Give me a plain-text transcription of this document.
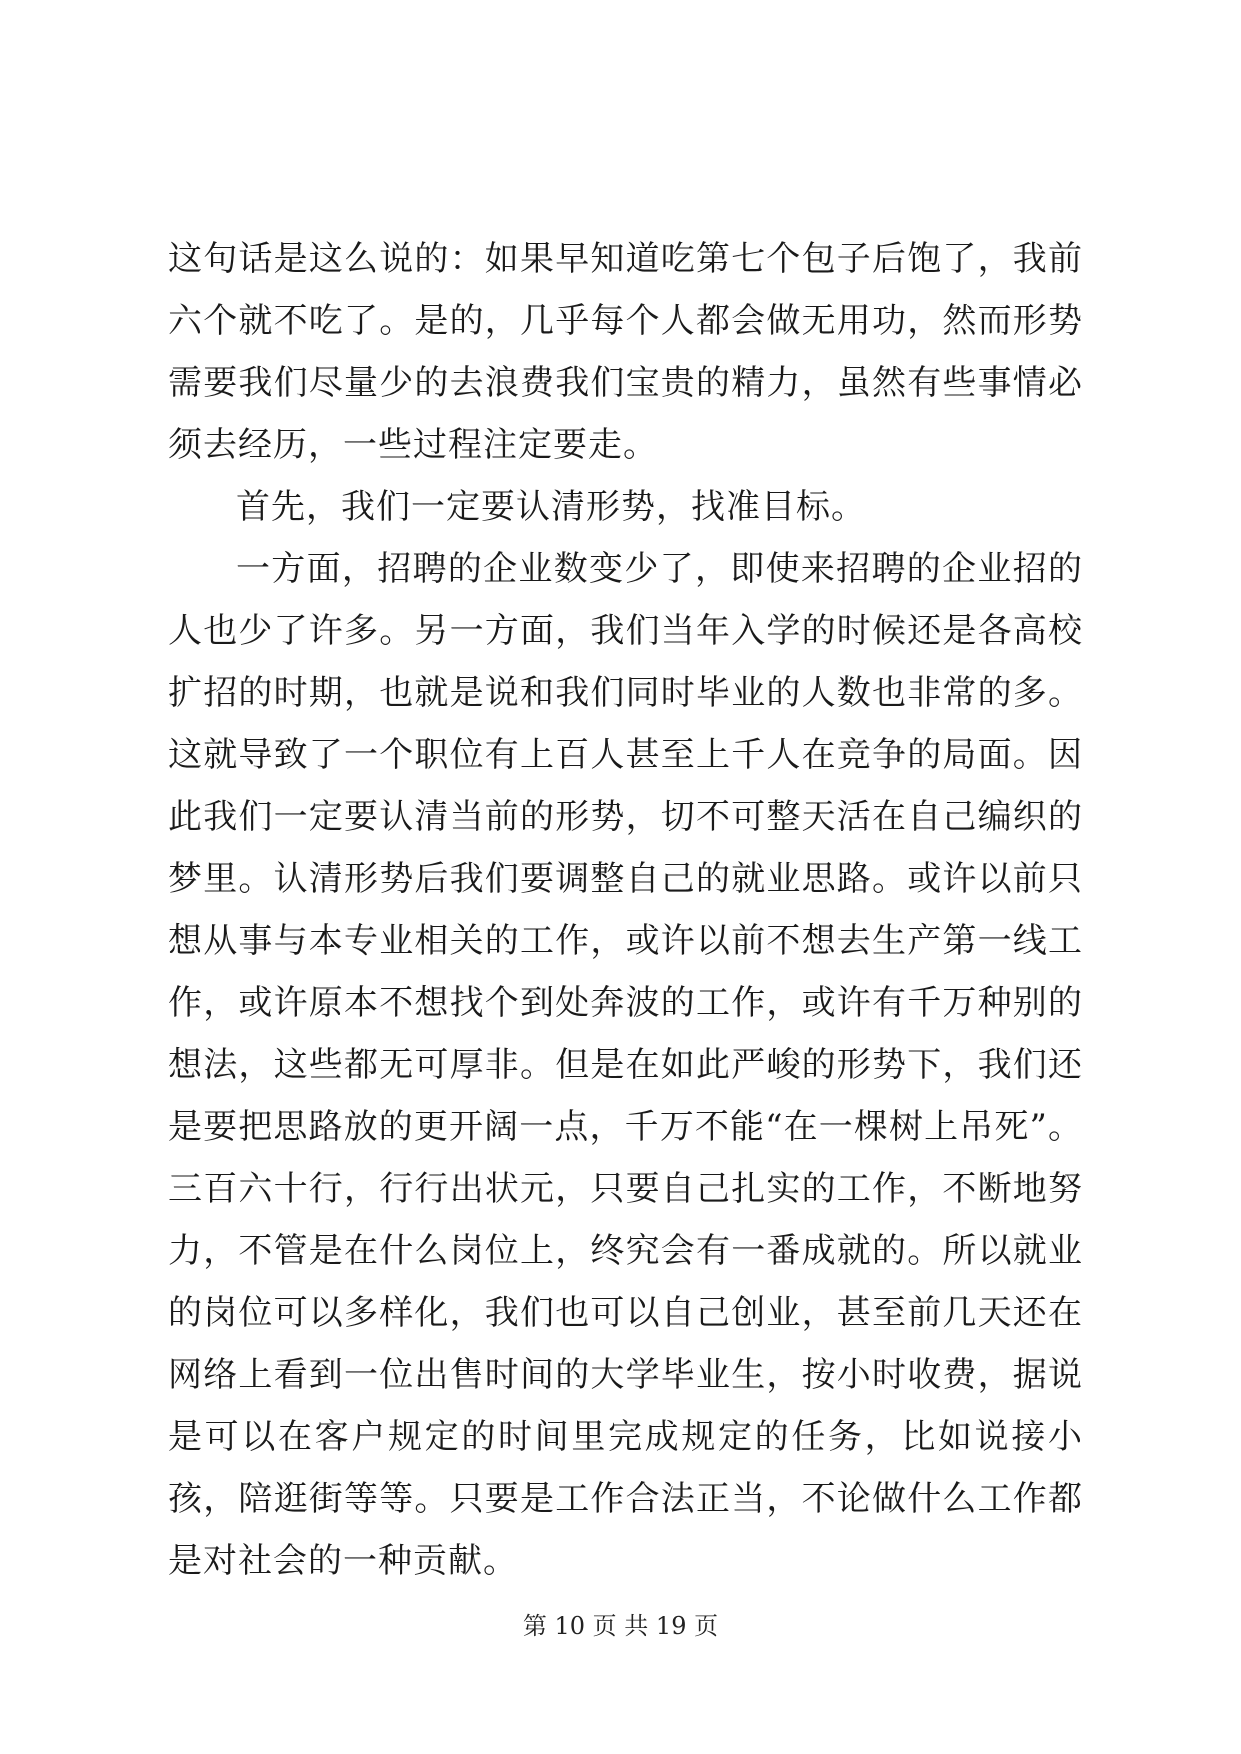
这句话是这么说的：如果早知道吃第七个包子后饱了，我前六个就不吃了。是的，几乎每个人都会做无用功，然而形势需要我们尽量少的去浪费我们宝贵的精力，虽然有些事情必须去经历，一些过程注定要走。

首先，我们一定要认清形势，找准目标。

一方面，招聘的企业数变少了，即使来招聘的企业招的人也少了许多。另一方面，我们当年入学的时候还是各高校扩招的时期，也就是说和我们同时毕业的人数也非常的多。这就导致了一个职位有上百人甚至上千人在竞争的局面。因此我们一定要认清当前的形势，切不可整天活在自己编织的梦里。认清形势后我们要调整自己的就业思路。或许以前只想从事与本专业相关的工作，或许以前不想去生产第一线工作，或许原本不想找个到处奔波的工作，或许有千万种别的想法，这些都无可厚非。但是在如此严峻的形势下，我们还是要把思路放的更开阔一点，千万不能“在一棵树上吊死”。三百六十行，行行出状元，只要自己扎实的工作，不断地努力，不管是在什么岗位上，终究会有一番成就的。所以就业的岗位可以多样化，我们也可以自己创业，甚至前几天还在网络上看到一位出售时间的大学毕业生，按小时收费，据说是可以在客户规定的时间里完成规定的任务，比如说接小孩，陪逛街等等。只要是工作合法正当，不论做什么工作都是对社会的一种贡献。

第 10 页 共 19 页
